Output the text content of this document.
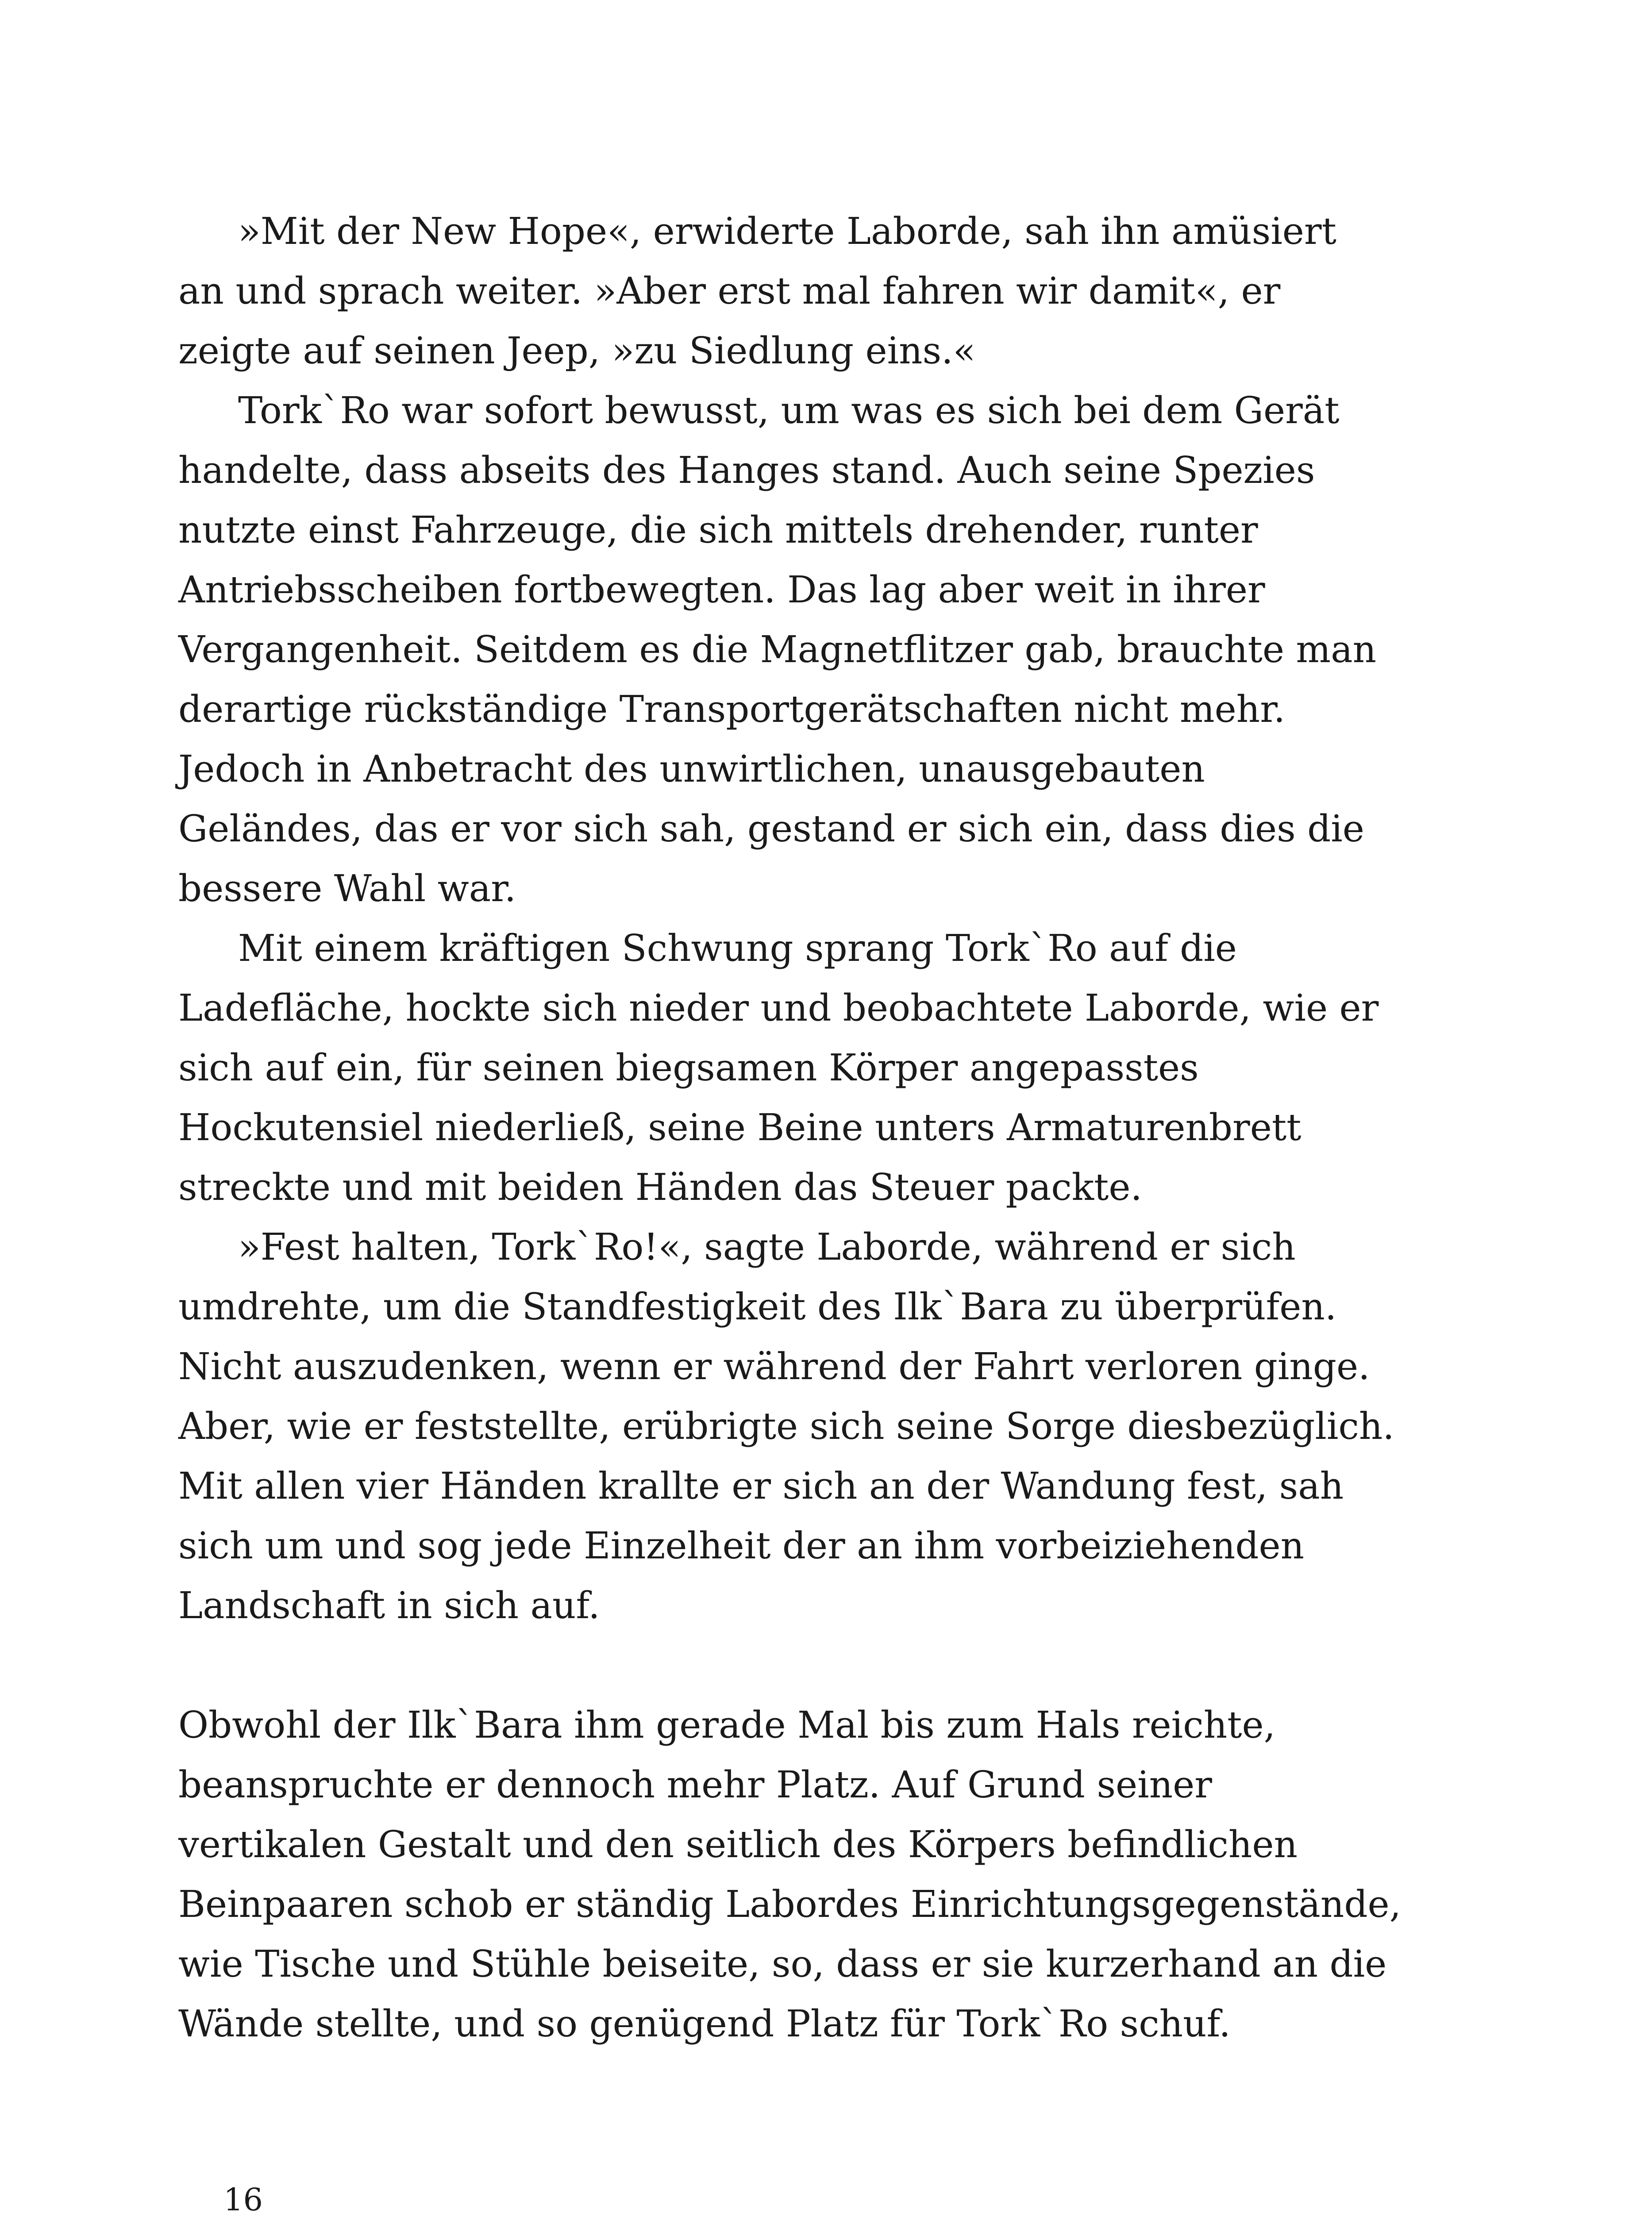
»Mit der New Hope«, erwiderte Laborde, sah ihn amüsiert
an und sprach weiter. »Aber erst mal fahren wir damit«, er
zeigte auf seinen Jeep, »zu Siedlung eins.«
Tork`Ro war sofort bewusst, um was es sich bei dem Gerät
handelte, dass abseits des Hanges stand. Auch seine Spezies
nutzte einst Fahrzeuge, die sich mittels drehender, runter
Antriebsscheiben fortbewegten. Das lag aber weit in ihrer
Vergangenheit. Seitdem es die Magnetflitzer gab, brauchte man
derartige rückständige Transportgerätschaften nicht mehr.
Jedoch in Anbetracht des unwirtlichen, unausgebauten
Geländes, das er vor sich sah, gestand er sich ein, dass dies die
bessere Wahl war.
Mit einem kräftigen Schwung sprang Tork`Ro auf die
Ladefläche, hockte sich nieder und beobachtete Laborde, wie er
sich auf ein, für seinen biegsamen Körper angepasstes
Hockutensiel niederließ, seine Beine unters Armaturenbrett
streckte und mit beiden Händen das Steuer packte.
»Fest halten, Tork`Ro!«, sagte Laborde, während er sich
umdrehte, um die Standfestigkeit des Ilk`Bara zu überprüfen.
Nicht auszudenken, wenn er während der Fahrt verloren ginge.
Aber, wie er feststellte, erübrigte sich seine Sorge diesbezüglich.
Mit allen vier Händen krallte er sich an der Wandung fest, sah
sich um und sog jede Einzelheit der an ihm vorbeiziehenden
Landschaft in sich auf.
Obwohl der Ilk`Bara ihm gerade Mal bis zum Hals reichte,
beanspruchte er dennoch mehr Platz. Auf Grund seiner
vertikalen Gestalt und den seitlich des Körpers befindlichen
Beinpaaren schob er ständig Labordes Einrichtungsgegenstände,
wie Tische und Stühle beiseite, so, dass er sie kurzerhand an die
Wände stellte, und so genügend Platz für Tork`Ro schuf.
16
